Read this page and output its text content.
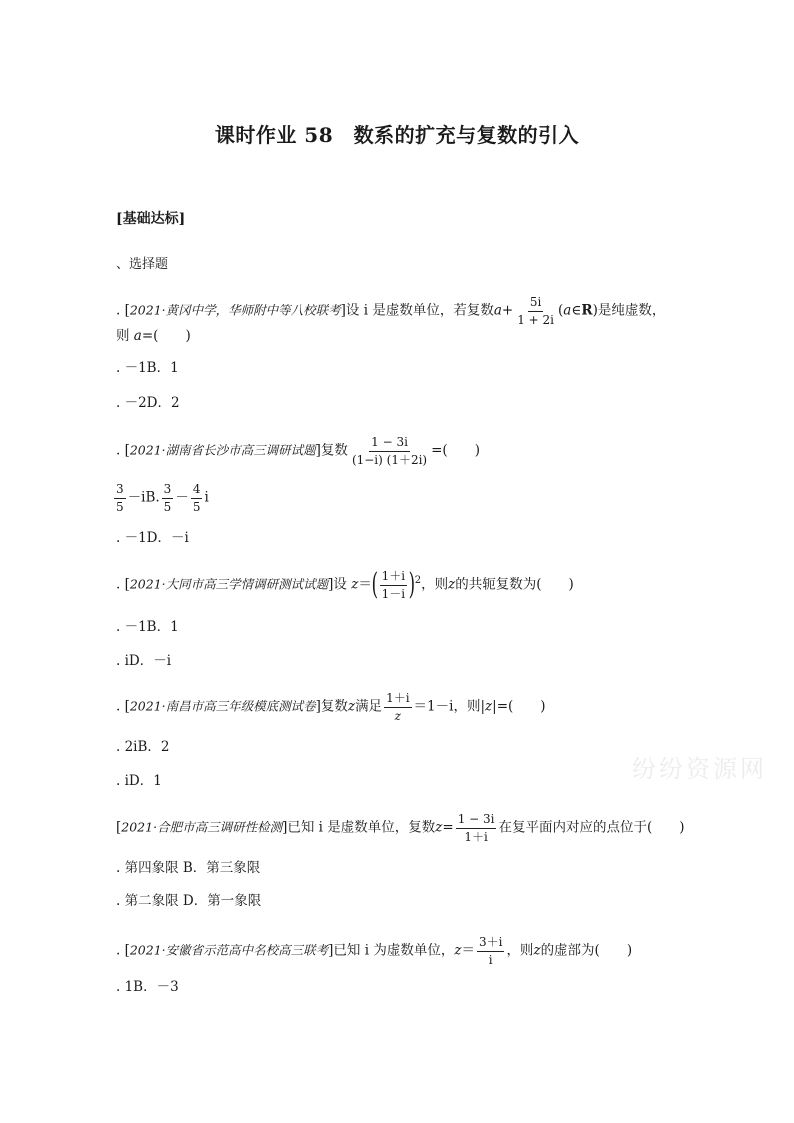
课时作业 58　数系的扩充与复数的引入
[基础达标]
、选择题
. [2021·黄冈中学，华师附中等八校联考]设 i 是虚数单位，若复数$a+ \frac{5i}{1 + 2i}$ (a∈R)是纯虚数，
则 a=(　　)
. －1B．1
. －2D．2
. [2021·湖南省长沙市高三调研试题]复数 $\frac{1 - 3i}{(1-i) (1+2i)}$ =(　　)
$\frac{3}{5} -iB$. $\frac{3}{5} - \frac{4}{5}$ i
. －1D．－i
. [2021·大同市高三学情调研测试试题]设 $z=( \frac{1+i}{1-i} )^2$，则z的共轭复数为(　　)
. －1B．1
. iD．－i
. [2021·南昌市高三年级模底测试卷]复数z满足 $\frac{1+i}{z} =1-i$，则|z|=(　　)
. 2iB．2
. iD．1
[2021·合肥市高三调研性检测]已知 i 是虚数单位，复数$z= \frac{1 - 3i}{1+i}$ 在复平面内对应的点位于(　　)
. 第四象限 B．第三象限
. 第二象限 D．第一象限
. [2021·安徽省示范高中名校高三联考]已知 i 为虚数单位，$z= \frac{3+i}{i}$ ，则z的虚部为(　　)
. 1B．－3
纷纷资源网
